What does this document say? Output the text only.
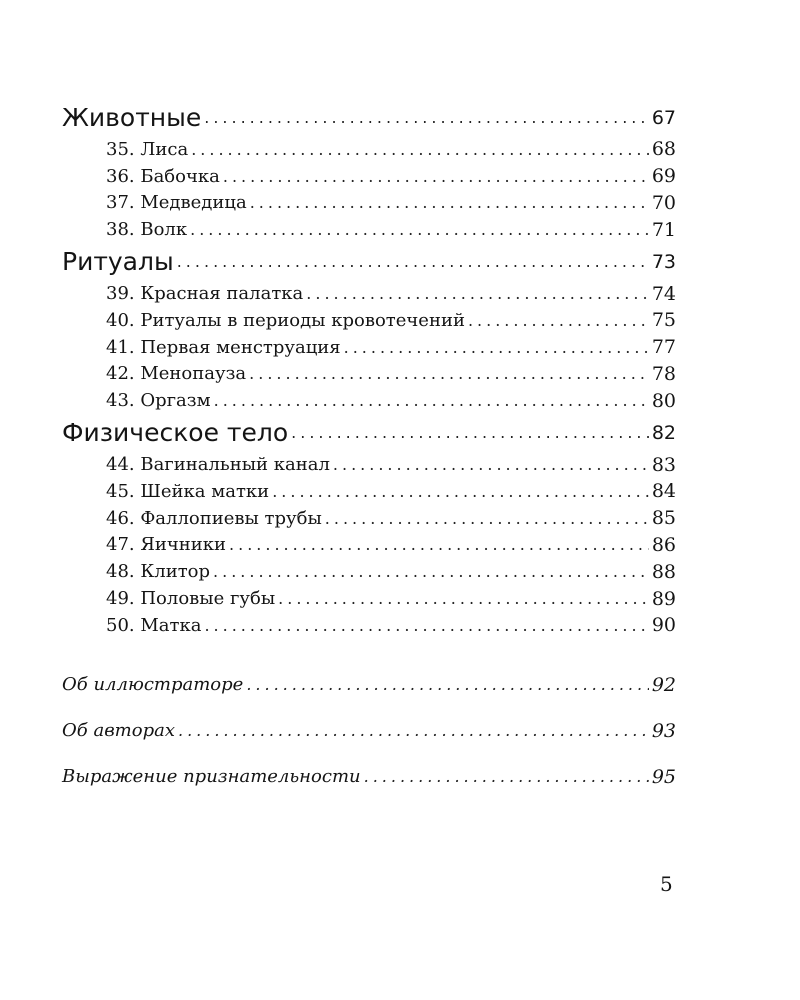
Животные .....	67
35. Лиса .....	68
36. Бабочка .....	69
37. Медведица .....	70
38. Волк .....	71
Ритуалы .....	73
39. Красная палатка .....	74
40. Ритуалы в периоды кровотечений .....	75
41. Первая менструация .....	77
42. Менопауза .....	78
43. Оргазм .....	80
Физическое тело .....	82
44. Вагинальный канал .....	83
45. Шейка матки .....	84
46. Фаллопиевы трубы .....	85
47. Яичники .....	86
48. Клитор .....	88
49. Половые губы .....	89
50. Матка .....	90
Об иллюстраторе .....	92
Об авторах .....	93
Выражение признательности .....	95
5
